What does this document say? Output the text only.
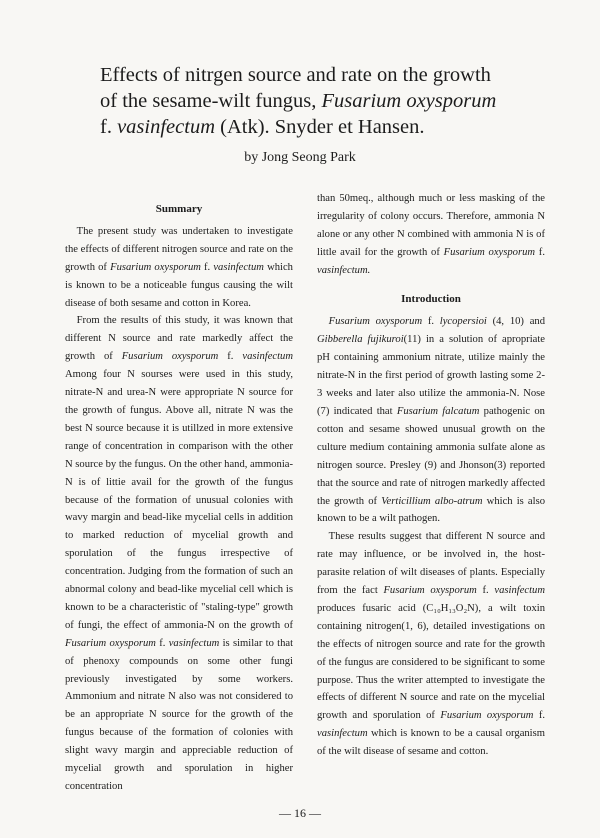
Effects of nitrgen source and rate on the growth

of the sesame-wilt fungus, Fusarium oxysporum

f. vasinfectum (Atk). Snyder et Hansen.

by Jong Seong Park

Summary

The present study was undertaken to investigate the effects of different nitrogen source and rate on the growth of Fusarium oxysporum f. vasinfectum which is known to be a noticeable fungus causing the wilt disease of both sesame and cotton in Korea.

From the results of this study, it was known that different N source and rate markedly affect the growth of Fusarium oxysporum f. vasinfectum Among four N sourses were used in this study, nitrate-N and urea-N were appropriate N source for the growth of fungus. Above all, nitrate N was the best N source because it is utillzed in more extensive range of concentration in comparison with the other N source by the fungus. On the other hand, ammonia-N is of littie avail for the growth of the fungus because of the formation of unusual colonies with wavy margin and bead-like mycelial cells in addition to marked reduction of mycelial growth and sporulation of the fungus irrespective of concentration. Judging from the formation of such an abnormal colony and bead-like mycelial cell which is known to be a characteristic of "staling-type" growth of fungi, the effect of ammonia-N on the growth of Fusarium oxysporum f. vasinfectum is similar to that of phenoxy compounds on some other fungi previously investigated by some workers. Ammonium and nitrate N also was not considered to be an appropriate N source for the growth of the fungus because of the formation of colonies with slight wavy margin and appreciable reduction of mycelial growth and sporulation in higher concentration

than 50meq., although much or less masking of the irregularity of colony occurs. Therefore, ammonia N alone or any other N combined with ammonia N is of little avail for the growth of Fusarium oxysporum f. vasinfectum.

Introduction

Fusarium oxysporum f. lycopersioi (4, 10) and Gibberella fujikuroi(11) in a solution of apropriate pH containing ammonium nitrate, utilize mainly the nitrate-N in the first period of growth lasting some 2-3 weeks and later also utilize the ammonia-N. Nose (7) indicated that Fusarium falcatum pathogenic on cotton and sesame showed unusual growth on the culture medium containing ammonia sulfate alone as nitrogen source. Presley (9) and Jhonson(3) reported that the source and rate of nitrogen markedly affected the growth of Verticillium albo-atrum which is also known to be a wilt pathogen.

These results suggest that different N source and rate may influence, or be involved in, the host-parasite relation of wilt diseases of plants. Especially from the fact Fusarium oxysporum f. vasinfectum produces fusaric acid (C₁₀H₁₃O₂N), a wilt toxin containing nitrogen(1, 6), detailed investigations on the effects of nitrogen source and rate for the growth of the fungus are considered to be significant to some purpose. Thus the writer attempted to investigate the effects of different N source and rate on the mycelial growth and sporulation of Fusarium oxysporum f. vasinfectum which is known to be a causal organism of the wilt disease of sesame and cotton.

— 16 —
